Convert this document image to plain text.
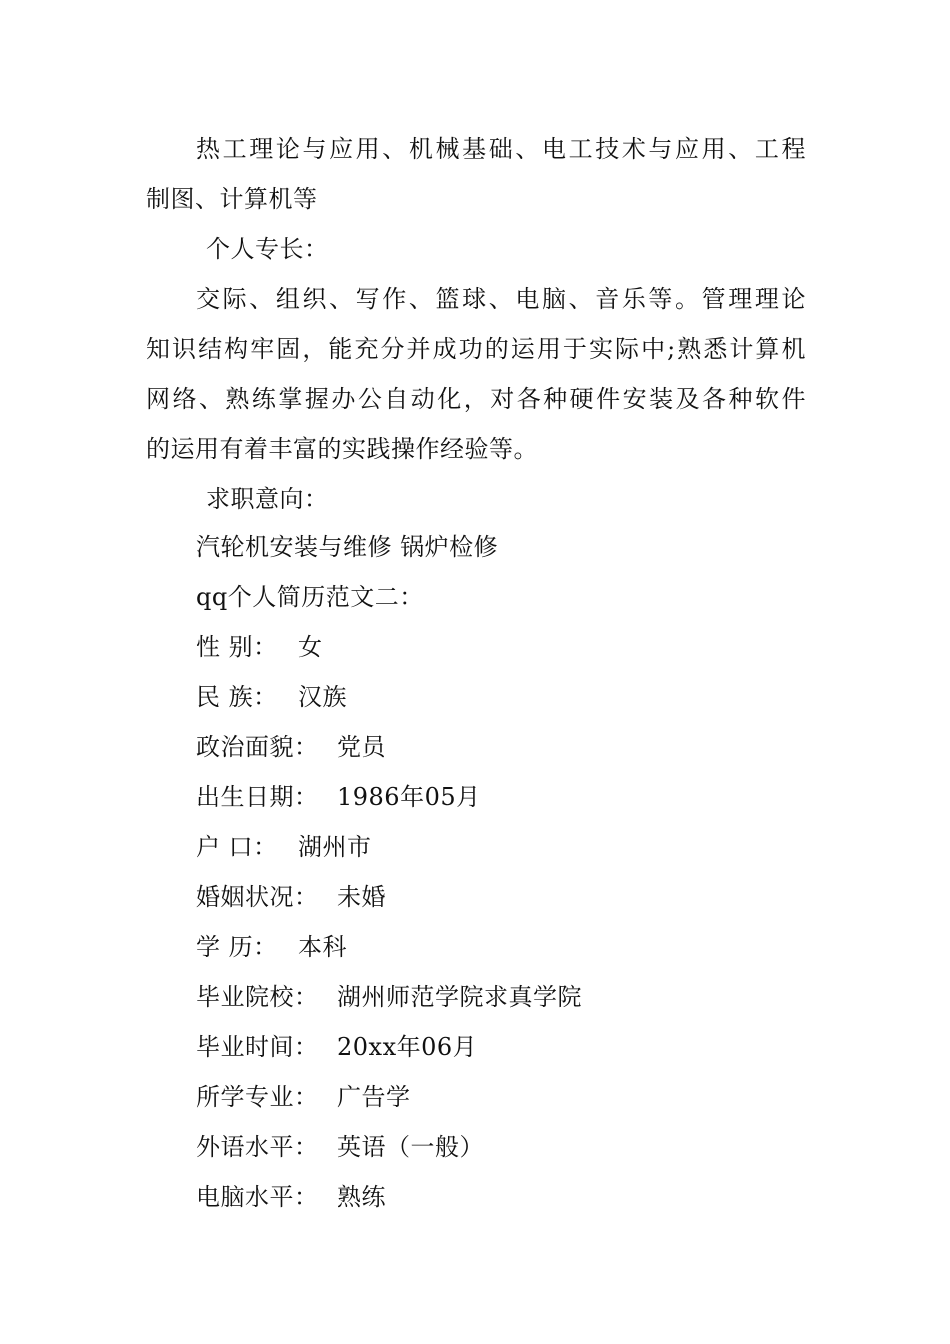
热工理论与应用、机械基础、电工技术与应用、工程
制图、计算机等
个人专长：
交际、组织、写作、篮球、电脑、音乐等。管理理论
知识结构牢固，能充分并成功的运用于实际中;熟悉计算机
网络、熟练掌握办公自动化，对各种硬件安装及各种软件
的运用有着丰富的实践操作经验等。
求职意向：
汽轮机安装与维修 锅炉检修
qq个人简历范文二：
性 别： 女
民 族： 汉族
政治面貌： 党员
出生日期： 1986年05月
户 口： 湖州市
婚姻状况： 未婚
学 历： 本科
毕业院校： 湖州师范学院求真学院
毕业时间： 20xx年06月
所学专业： 广告学
外语水平： 英语（一般）
电脑水平： 熟练
